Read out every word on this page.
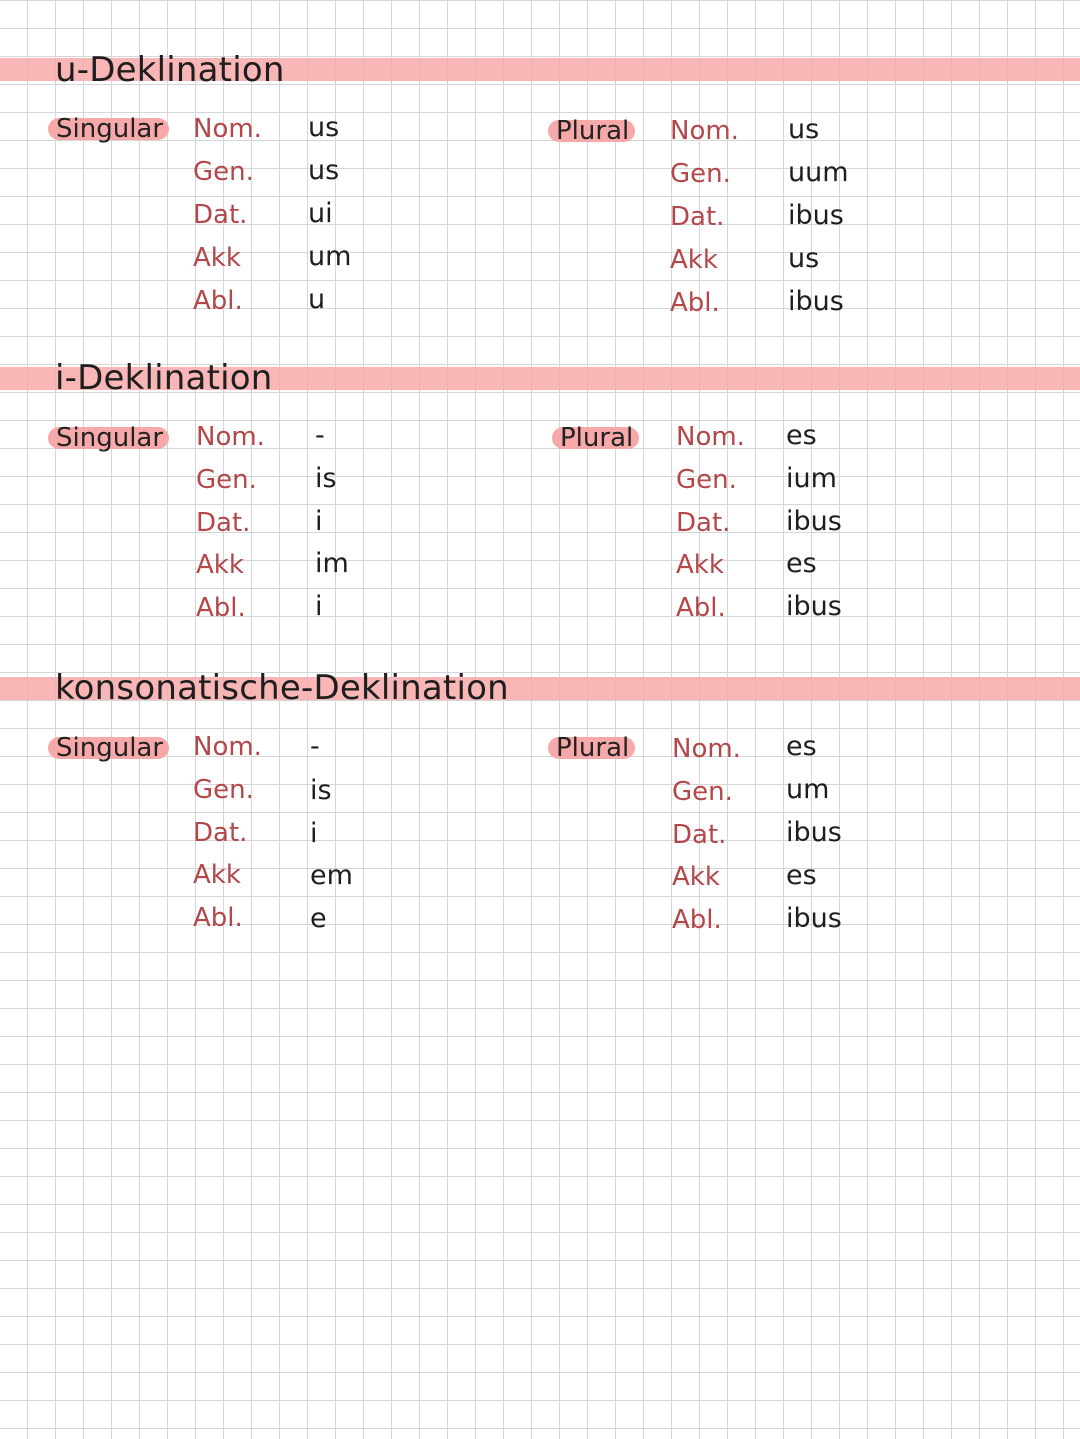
u-Deklination
Singular Nom.
Gen.
Dat.
Akk
Abl.
us
us
ui
um
u
Plural Nom.
Gen.
Dat.
Akk
Abl.
us
uum
ibus
us
ibus
i-Deklination
Singular Nom.
Gen.
Dat.
Akk
Abl.
-
is
i
im
i
Plural Nom.
Gen.
Dat.
Akk
Abl.
es
ium
ibus
es
ibus
konsonatische-Deklination
Singular Nom.
Gen.
Dat.
Akk
Abl.
-
is
i
em
e
Plural Nom.
Gen.
Dat.
Akk
Abl.
es
um
ibus
es
ibus
